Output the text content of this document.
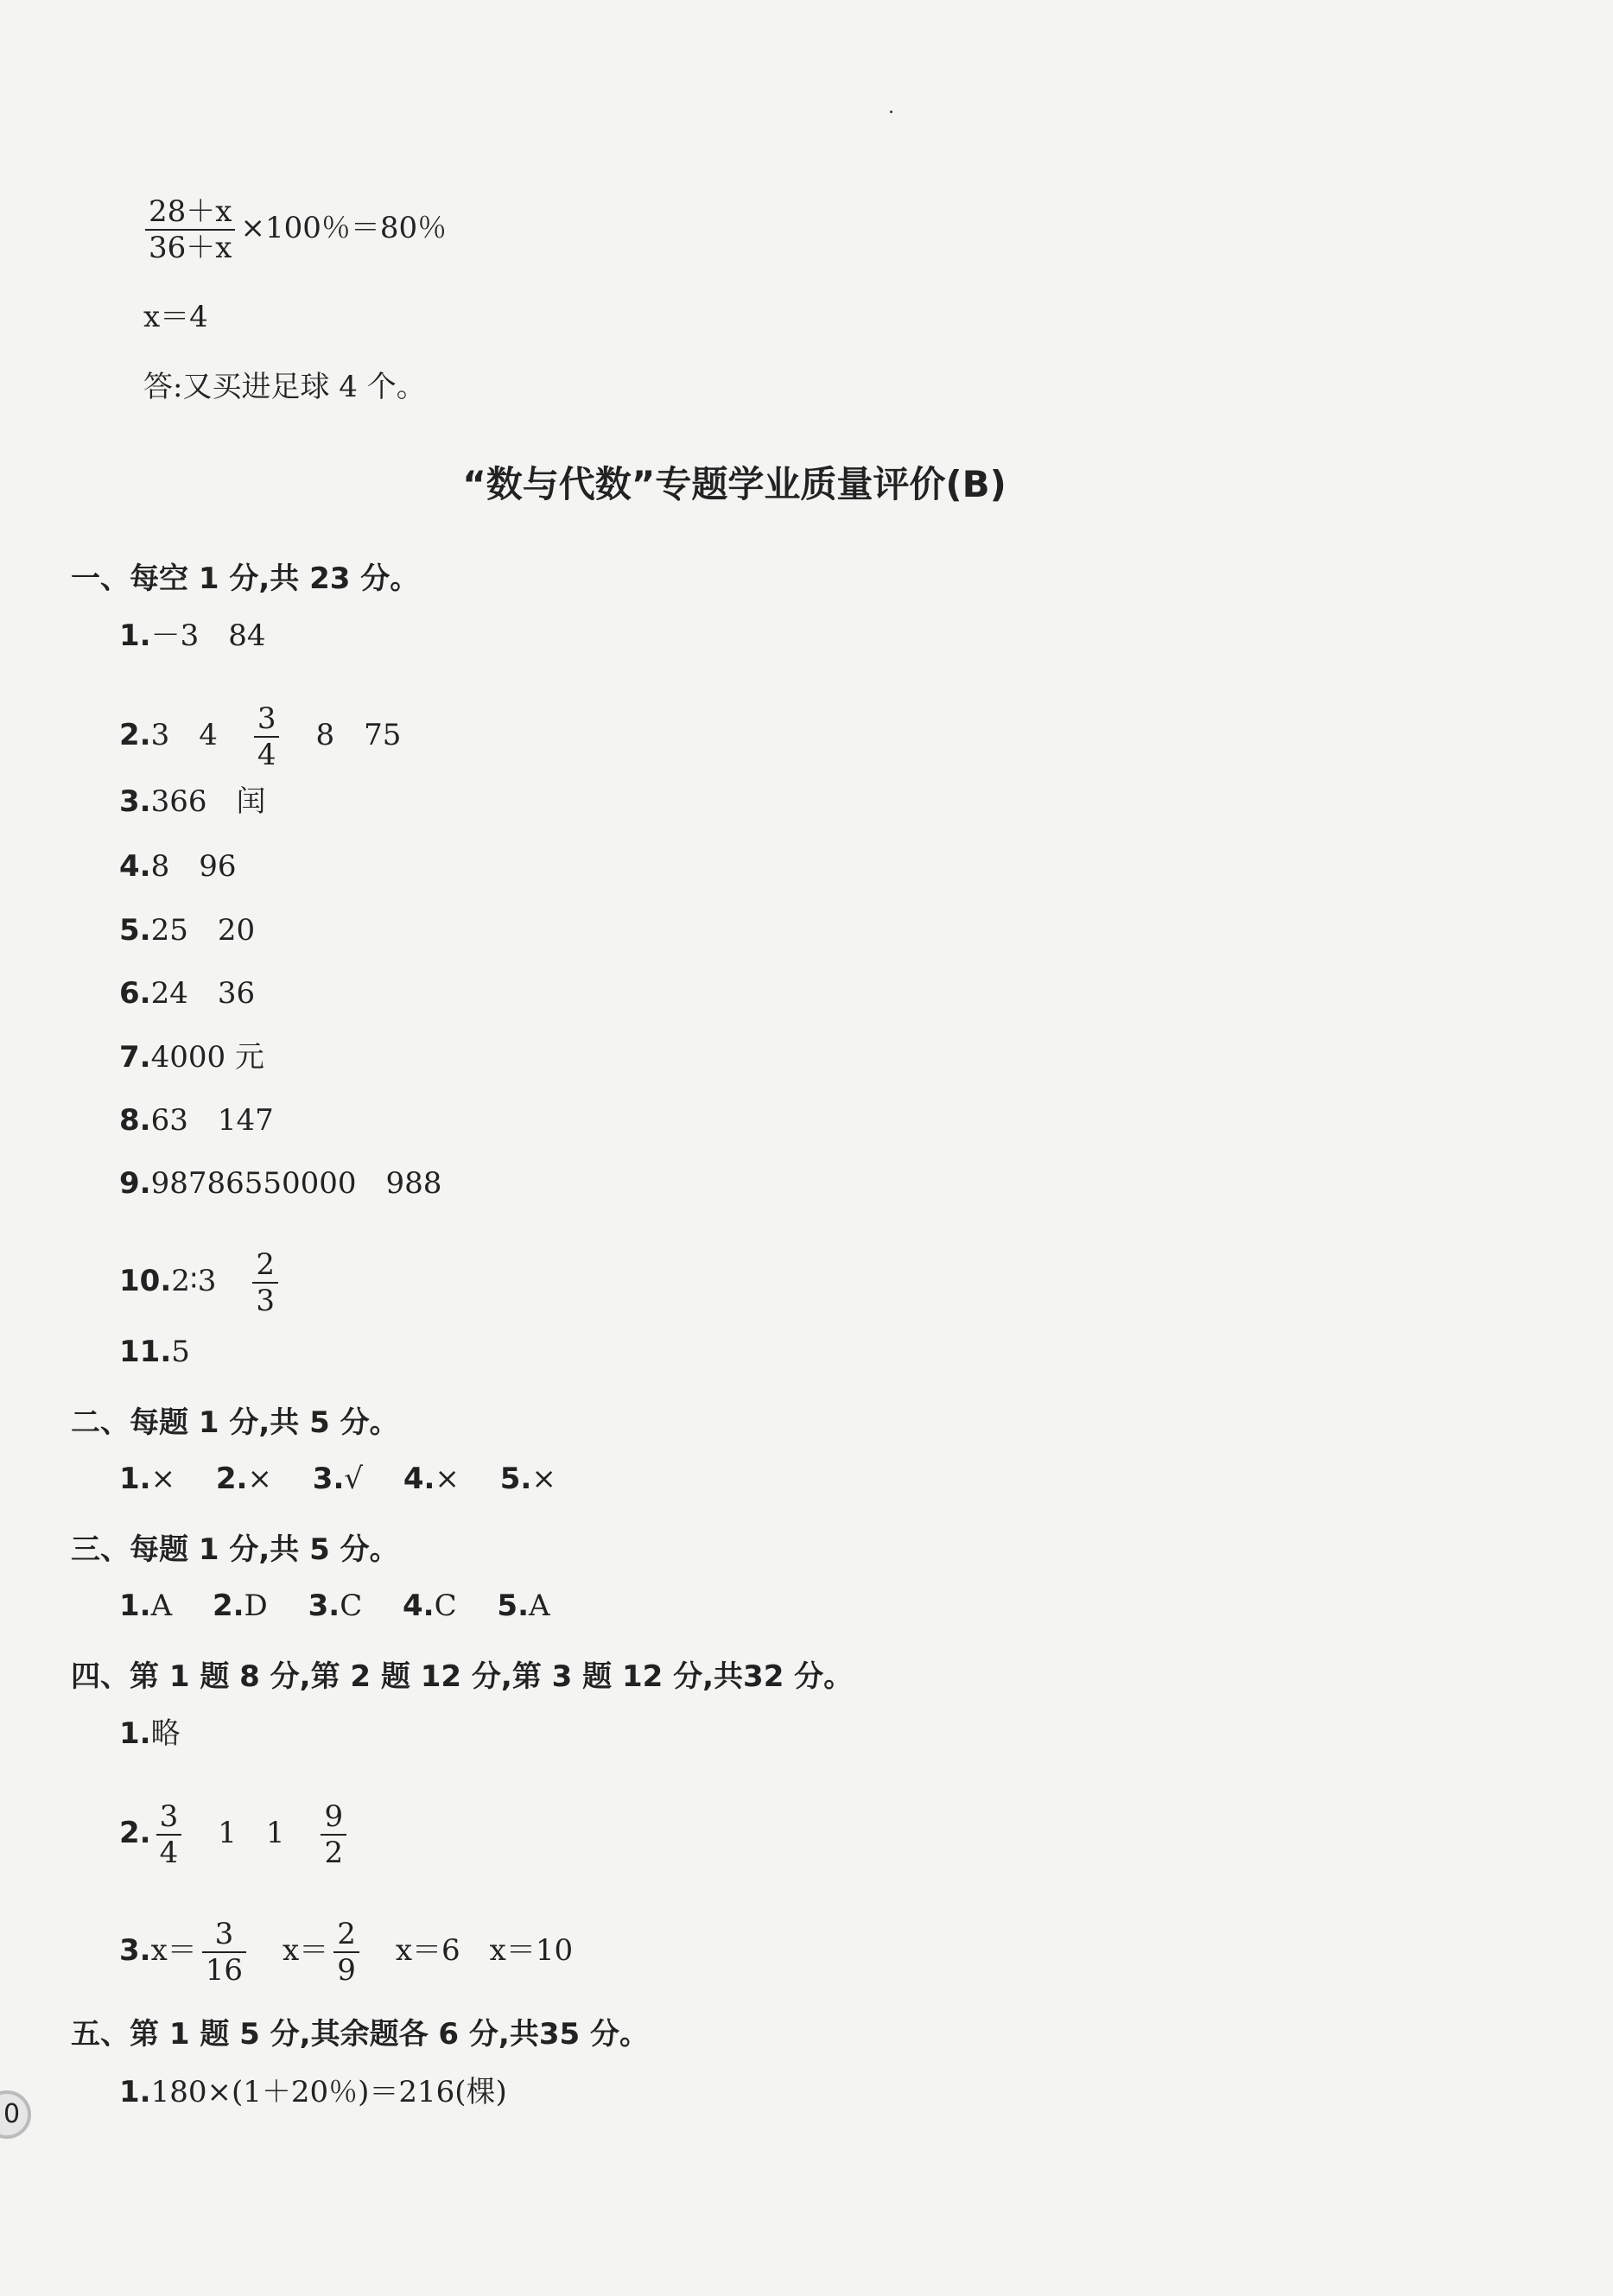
$\frac{28+x}{36+x} \times 100$％＝80％
x＝4
答:又买进足球 4 个。
“数与代数”专题学业质量评价(B)
一、每空 1 分,共 23 分。
1.－3　84
2.3　$4 \frac{3}{4} 8$　75
3.366　闰
4.8　96
5.25　20
6.24　36
7.4000 元
8.63　147
9.98786550000　988
10.2∶3 $\frac{2}{3}$
11.5
二、每题 1 分,共 5 分。
1.× 2.× 3.√ 4.× 5.×
三、每题 1 分,共 5 分。
1.A 2.D 3.C 4.C 5.A
四、第 1 题 8 分,第 2 题 12 分,第 3 题 12 分,共32 分。
1.略
2. $\frac{3}{4} 1$　$1 \frac{9}{2}$
$3.x= \frac{3}{16} x= \frac{2}{9} x=6$　x＝10
五、第 1 题 5 分,其余题各 6 分,共35 分。
1.180×(1＋20％)＝216(棵)
0
